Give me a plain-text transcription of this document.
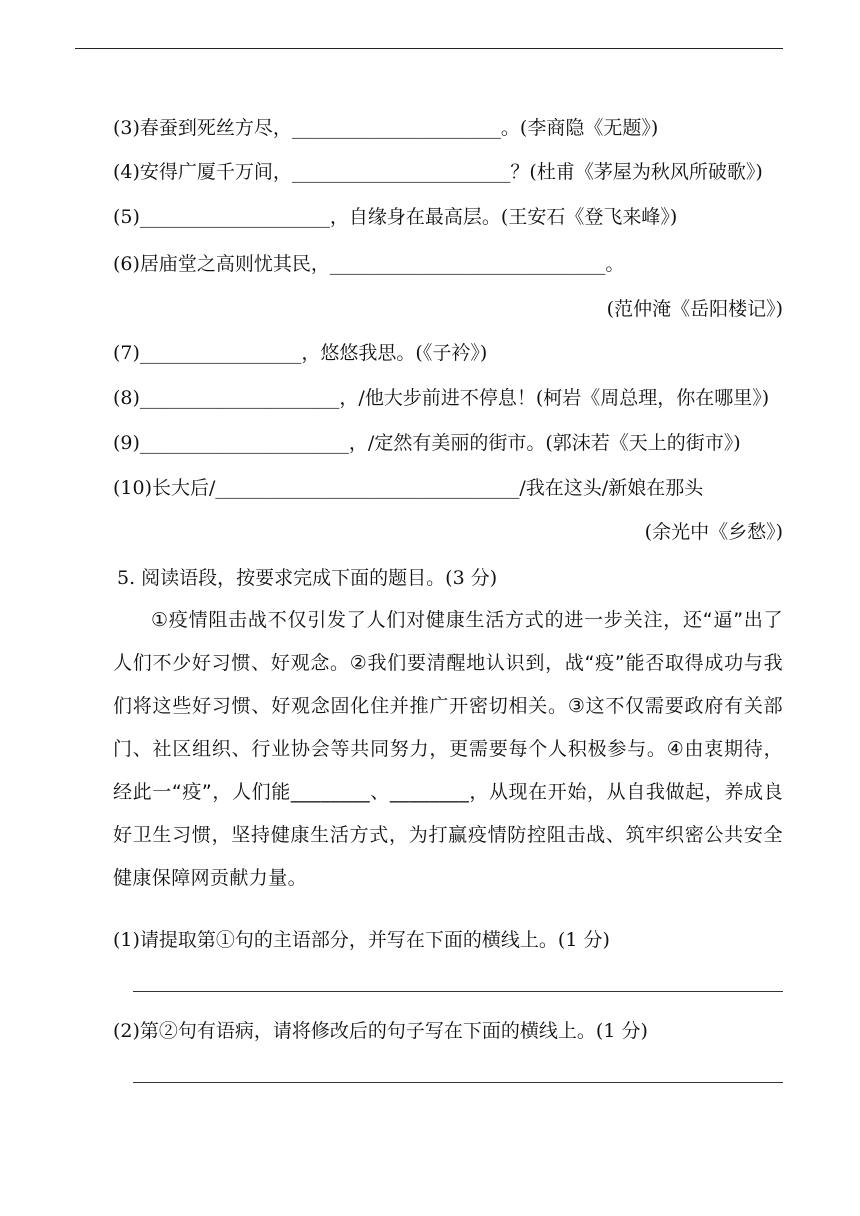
(3)春蚕到死丝方尽，______________________。(李商隐《无题》)
(4)安得广厦千万间，_______________________？(杜甫《茅屋为秋风所破歌》)
(5)____________________，自缘身在最高层。(王安石《登飞来峰》)
(6)居庙堂之高则忧其民，_____________________________。
(范仲淹《岳阳楼记》)
(7)_________________，悠悠我思。(《子衿》)
(8)_____________________，/他大步前进不停息！(柯岩《周总理，你在哪里》)
(9)______________________，/定然有美丽的街市。(郭沫若《天上的街市》)
(10)长大后/________________________________/我在这头/新娘在那头
(余光中《乡愁》)
5. 阅读语段，按要求完成下面的题目。(3 分)
①疫情阻击战不仅引发了人们对健康生活方式的进一步关注，还“逼”出了人们不少好习惯、好观念。②我们要清醒地认识到，战“疫”能否取得成功与我们将这些好习惯、好观念固化住并推广开密切相关。③这不仅需要政府有关部门、社区组织、行业协会等共同努力，更需要每个人积极参与。④由衷期待，经此一“疫”，人们能________、________，从现在开始，从自我做起，养成良好卫生习惯，坚持健康生活方式，为打赢疫情防控阻击战、筑牢织密公共安全健康保障网贡献力量。
(1)请提取第①句的主语部分，并写在下面的横线上。(1 分)
(2)第②句有语病，请将修改后的句子写在下面的横线上。(1 分)
